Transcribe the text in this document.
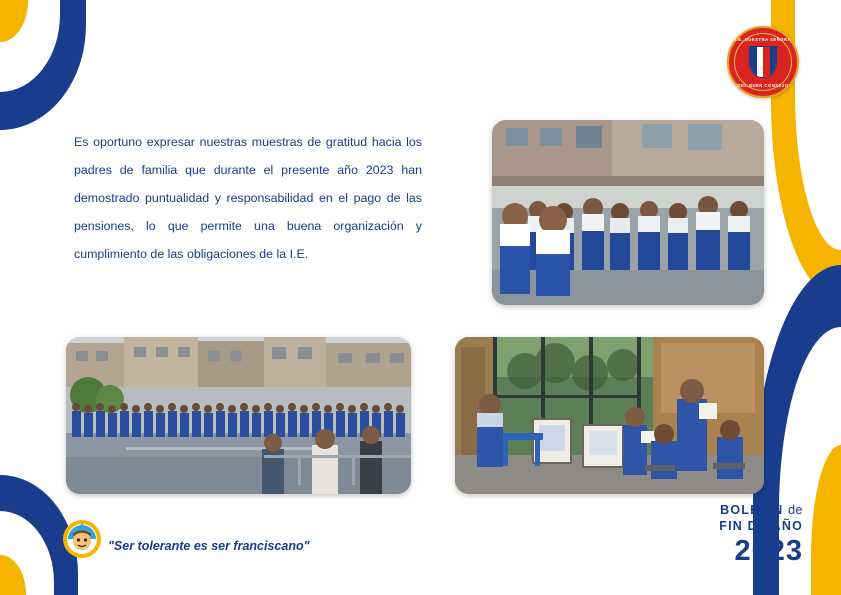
I.E. NUESTRA SEÑORA
DEL BUEN CONSEJO
Es oportuno expresar nuestras muestras de gratitud hacia los padres de familia que durante el presente año 2023 han demostrado puntualidad y responsabilidad en el pago de las pensiones, lo que permite una buena organización y cumplimiento de las obligaciones de la I.E.
"Ser tolerante es ser franciscano"
BOLETÍN de
FIN DE AÑO
2023
